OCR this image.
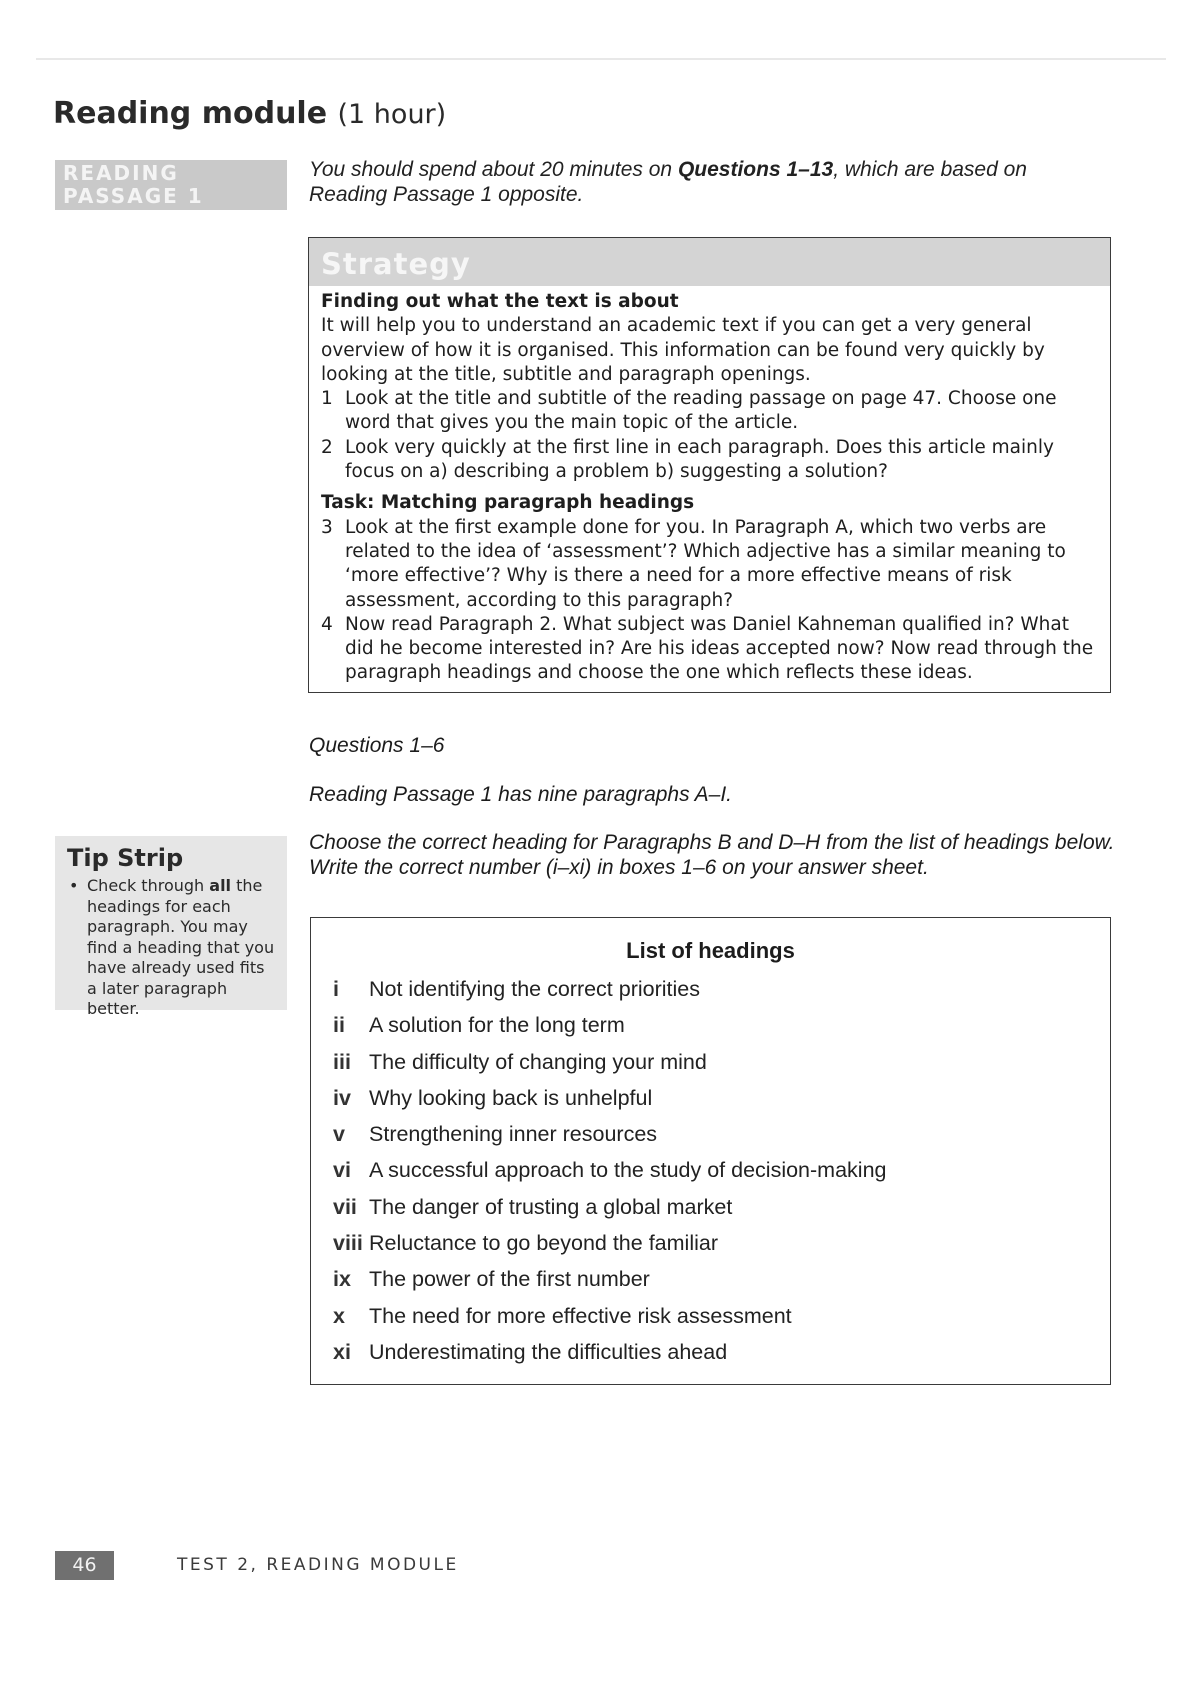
Reading module (1 hour)
READING
PASSAGE 1
You should spend about 20 minutes on Questions 1–13, which are based on Reading Passage 1 opposite.
Strategy
Finding out what the text is about
It will help you to understand an academic text if you can get a very general overview of how it is organised. This information can be found very quickly by looking at the title, subtitle and paragraph openings.
1 Look at the title and subtitle of the reading passage on page 47. Choose one word that gives you the main topic of the article.
2 Look very quickly at the first line in each paragraph. Does this article mainly focus on a) describing a problem b) suggesting a solution?
Task: Matching paragraph headings
3 Look at the first example done for you. In Paragraph A, which two verbs are related to the idea of ‘assessment’? Which adjective has a similar meaning to ‘more effective’? Why is there a need for a more effective means of risk assessment, according to this paragraph?
4 Now read Paragraph 2. What subject was Daniel Kahneman qualified in? What did he become interested in? Are his ideas accepted now? Now read through the paragraph headings and choose the one which reflects these ideas.
Questions 1–6
Reading Passage 1 has nine paragraphs A–I.
Choose the correct heading for Paragraphs B and D–H from the list of headings below. Write the correct number (i–xi) in boxes 1–6 on your answer sheet.
Tip Strip
• Check through all the headings for each paragraph. You may find a heading that you have already used fits a later paragraph better.
List of headings
i	Not identifying the correct priorities
ii	A solution for the long term
iii The difficulty of changing your mind
iv Why looking back is unhelpful
v	Strengthening inner resources
vi A successful approach to the study of decision-making
vii The danger of trusting a global market
viii Reluctance to go beyond the familiar
ix The power of the first number
x	The need for more effective risk assessment
xi Underestimating the difficulties ahead
46	TEST 2, READING MODULE
